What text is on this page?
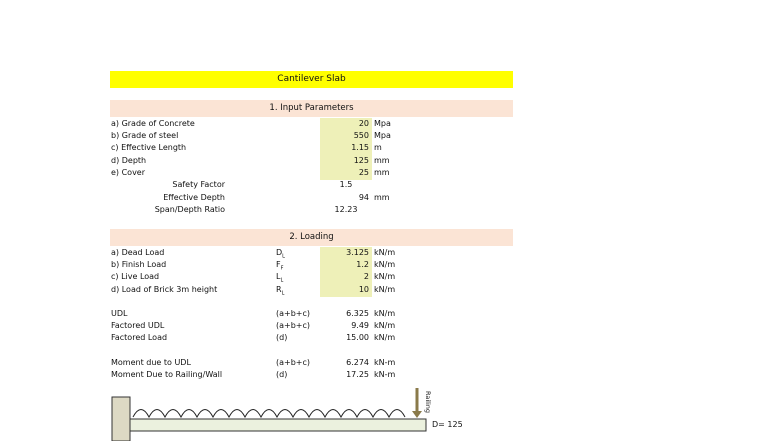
Cantilever Slab
1. Input Parameters
a) Grade of Concrete	20 Mpa
b) Grade of steel	550 Mpa
c) Effective Length	1.15 m
d) Depth	125 mm
e) Cover	25 mm
Safety Factor	1.5
Effective Depth	94 mm
Span/Depth Ratio	12.23
2. Loading
a) Dead Load	$D_L$	3.125 kN/m
b) Finish Load	$F_F$	1.2 kN/m
c) Live Load	$L_L$	2 kN/m
d) Load of Brick 3m height	$R_L$	10 kN/m
UDL	(a+b+c)	6.325 kN/m
Factored UDL	(a+b+c)	9.49 kN/m
Factored Load	(d)	15.00 kN/m
Moment due to UDL	(a+b+c)	6.274 kN-m
Moment Due to Railing/Wall	(d)	17.25 kN-m
Railing
D= 125
